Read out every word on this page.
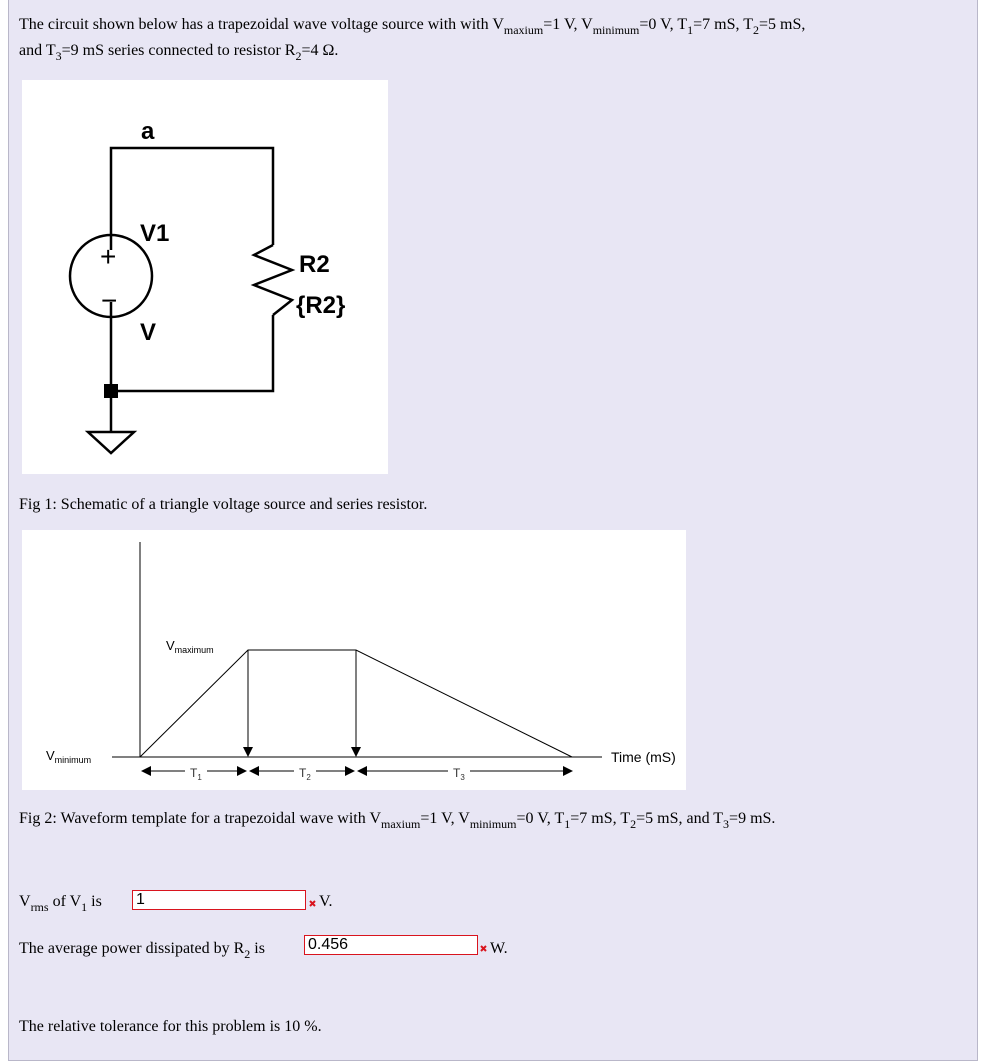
The circuit shown below has a trapezoidal wave voltage source with with $V_{maxium}=1$ V, $V_{minimum}=0$ V, $T_1=7$ mS, $T_2=5$ mS,
and $T_3=9$ mS series connected to resistor $R_2=4$ Ω.
a
V1
+
−
V
R2
{R2}
Fig 1: Schematic of a triangle voltage source and series resistor.
$V_{maximum}$
$V_{minimum}$	Time (mS)
$T_1$	$T_2$	$T_3$
Fig 2: Waveform template for a trapezoidal wave with $V_{maxium}=1$ V, $V_{minimum}=0$ V, $T_1=7$ mS, $T_2=5$ mS, and $T_3=9$ mS.
$V_{rms}$ of $V_1$ is
1	V.
The average power dissipated by $R_2$ is
0.456	W.
The relative tolerance for this problem is 10 %.
